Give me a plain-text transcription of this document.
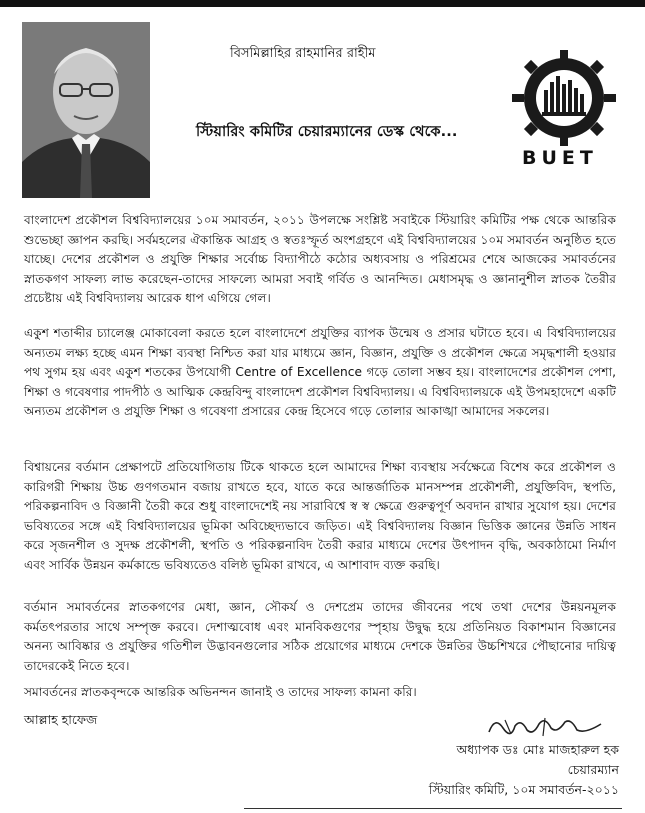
বিসমিল্লাহির রাহমানির রাহীম
স্টিয়ারিং কমিটির চেয়ারম্যানের ডেস্ক থেকে...
BUET

বাংলাদেশ প্রকৌশল বিশ্ববিদ্যালয়ের ১০ম সমাবর্তন, ২০১১ উপলক্ষে সংশ্লিষ্ট সবাইকে স্টিয়ারিং কমিটির পক্ষ থেকে আন্তরিক শুভেচ্ছা জ্ঞাপন করছি। সর্বমহলের ঐকান্তিক আগ্রহ ও স্বতঃস্ফূর্ত অংশগ্রহণে এই বিশ্ববিদ্যালয়ের ১০ম সমাবর্তন অনুষ্ঠিত হতে যাচ্ছে। দেশের প্রকৌশল ও প্রযুক্তি শিক্ষার সর্বোচ্চ বিদ্যাপীঠে কঠোর অধ্যবসায় ও পরিশ্রমের শেষে আজকের সমাবর্তনের স্নাতকগণ সাফল্য লাভ করেছেন-তাদের সাফল্যে আমরা সবাই গর্বিত ও আনন্দিত। মেধাসমৃদ্ধ ও জ্ঞানানুশীল স্নাতক তৈরীর প্রচেষ্টায় এই বিশ্ববিদ্যালয় আরেক ধাপ এগিয়ে গেল।

একুশ শতাব্দীর চ্যালেঞ্জ মোকাবেলা করতে হলে বাংলাদেশে প্রযুক্তির ব্যাপক উন্মেষ ও প্রসার ঘটাতে হবে। এ বিশ্ববিদ্যালয়ের অন্যতম লক্ষ্য হচ্ছে এমন শিক্ষা ব্যবস্থা নিশ্চিত করা যার মাধ্যমে জ্ঞান, বিজ্ঞান, প্রযুক্তি ও প্রকৌশল ক্ষেত্রে সমৃদ্ধশালী হওয়ার পথ সুগম হয় এবং একুশ শতকের উপযোগী Centre of Excellence গড়ে তোলা সম্ভব হয়। বাংলাদেশের প্রকৌশল পেশা, শিক্ষা ও গবেষণার পাদপীঠ ও আত্মিক কেন্দ্রবিন্দু বাংলাদেশ প্রকৌশল বিশ্ববিদ্যালয়। এ বিশ্ববিদ্যালয়কে এই উপমহাদেশে একটি অন্যতম প্রকৌশল ও প্রযুক্তি শিক্ষা ও গবেষণা প্রসারের কেন্দ্র হিসেবে গড়ে তোলার আকাঙ্খা আমাদের সকলের।

বিশ্বায়নের বর্তমান প্রেক্ষাপটে প্রতিযোগিতায় টিকে থাকতে হলে আমাদের শিক্ষা ব্যবস্থায় সর্বক্ষেত্রে বিশেষ করে প্রকৌশল ও কারিগরী শিক্ষায় উচ্চ গুণগতমান বজায় রাখতে হবে, যাতে করে আন্তর্জাতিক মানসম্পন্ন প্রকৌশলী, প্রযুক্তিবিদ, স্থপতি, পরিকল্পনাবিদ ও বিজ্ঞানী তৈরী করে শুধু বাংলাদেশেই নয় সারাবিশ্বে স্ব স্ব ক্ষেত্রে গুরুত্বপূর্ণ অবদান রাখার সুযোগ হয়। দেশের ভবিষ্যতের সঙ্গে এই বিশ্ববিদ্যালয়ের ভূমিকা অবিচ্ছেদ্যভাবে জড়িত। এই বিশ্ববিদ্যালয় বিজ্ঞান ভিত্তিক জ্ঞানের উন্নতি সাধন করে সৃজনশীল ও সুদক্ষ প্রকৌশলী, স্থপতি ও পরিকল্পনাবিদ তৈরী করার মাধ্যমে দেশের উৎপাদন বৃদ্ধি, অবকাঠামো নির্মাণ এবং সার্বিক উন্নয়ন কর্মকান্ডে ভবিষ্যতেও বলিষ্ঠ ভূমিকা রাখবে, এ আশাবাদ ব্যক্ত করছি।

বর্তমান সমাবর্তনের স্নাতকগণের মেধা, জ্ঞান, সৌকর্য ও দেশপ্রেম তাদের জীবনের পথে তথা দেশের উন্নয়নমূলক কর্মতৎপরতার সাথে সম্পৃক্ত করবে। দেশাত্মবোধ এবং মানবিকগুণের স্পৃহায় উদ্বুদ্ধ হয়ে প্রতিনিয়ত বিকাশমান বিজ্ঞানের অনন্য আবিষ্কার ও প্রযুক্তির গতিশীল উদ্ভাবনগুলোর সঠিক প্রয়োগের মাধ্যমে দেশকে উন্নতির উচ্চশিখরে পৌছানোর দায়িত্ব তাদেরকেই নিতে হবে।

সমাবর্তনের স্নাতকবৃন্দকে আন্তরিক অভিনন্দন জানাই ও তাদের সাফল্য কামনা করি।

আল্লাহ হাফেজ
অধ্যাপক ডঃ মোঃ মাজহারুল হক
চেয়ারম্যান
স্টিয়ারিং কমিটি, ১০ম সমাবর্তন-২০১১
